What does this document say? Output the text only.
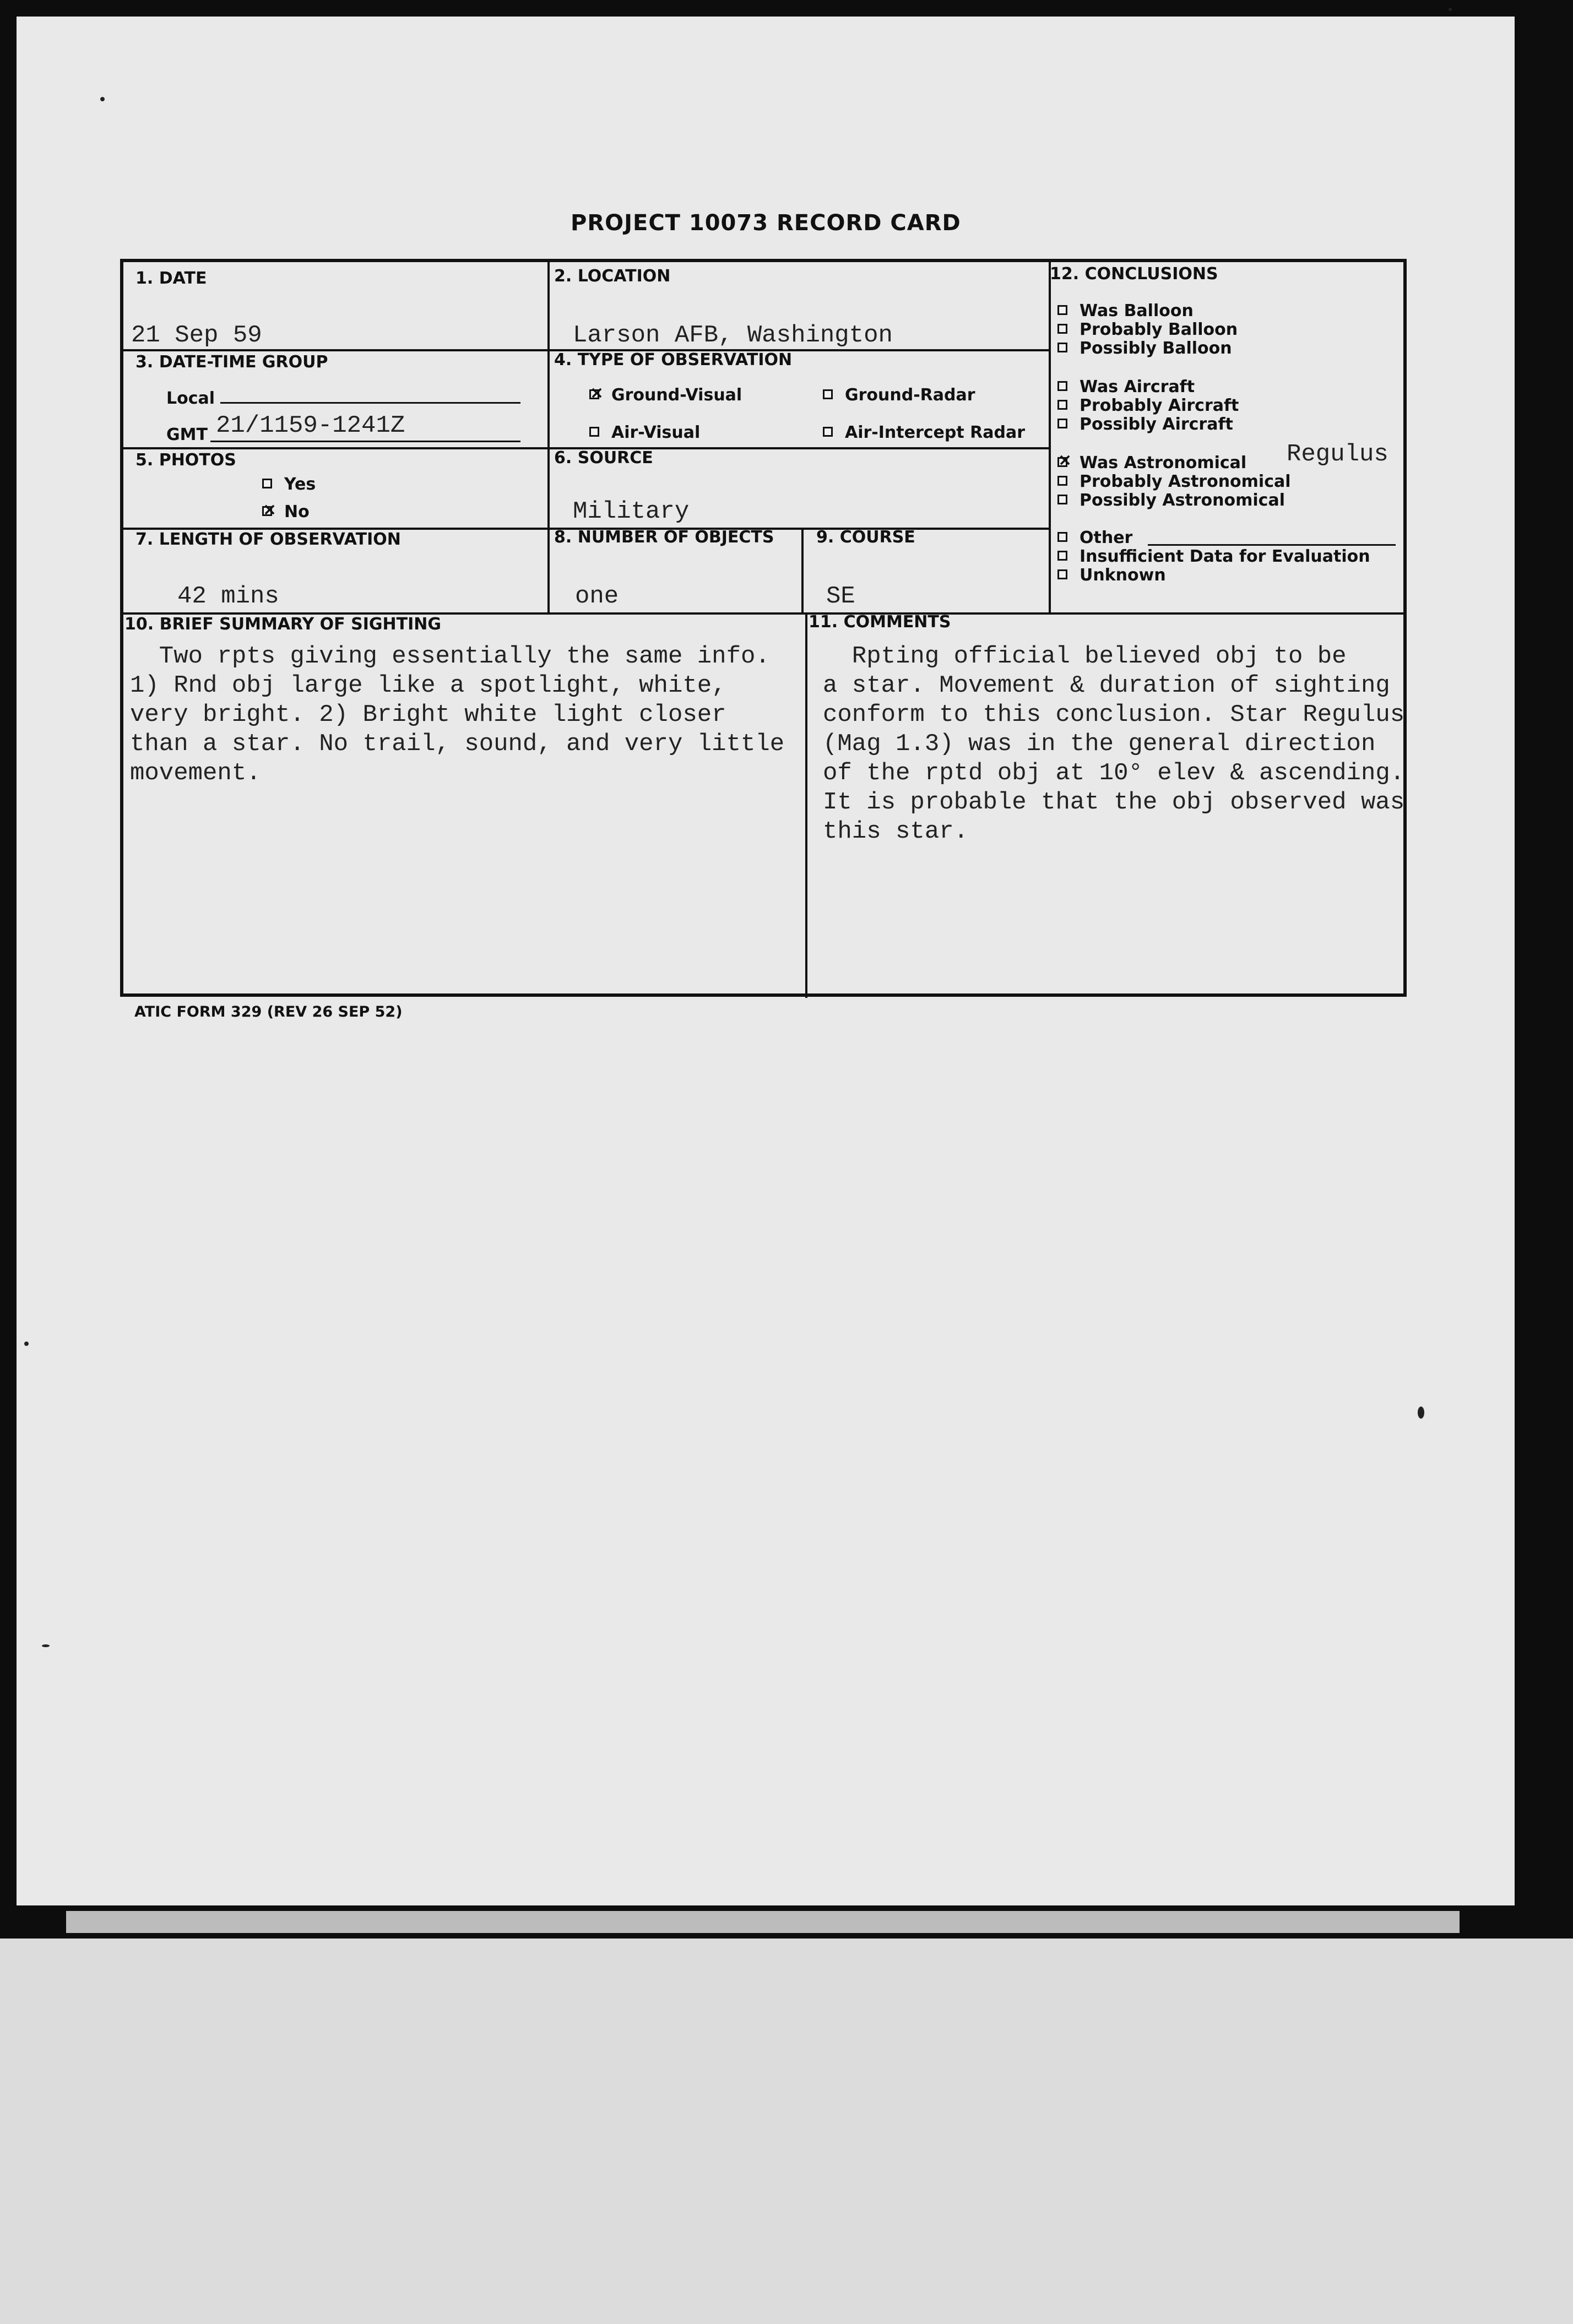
PROJECT 10073 RECORD CARD
1. DATE
21 Sep 59
2. LOCATION
Larson AFB, Washington
3. DATE-TIME GROUP
Local
GMT 21/1159-1241Z
4. TYPE OF OBSERVATION
×Ground-Visual	Ground-Radar
Air-Visual	Air-Intercept Radar
5. PHOTOS
Yes
×No
6. SOURCE
Military
7. LENGTH OF OBSERVATION
42 mins
8. NUMBER OF OBJECTS
one
9. COURSE
SE
12. CONCLUSIONS
Was Balloon
Probably Balloon
Possibly Balloon
Was Aircraft
Probably Aircraft
Possibly Aircraft
×Was Astronomical
Probably Astronomical
Possibly Astronomical
Regulus
Other
Insufficient Data for Evaluation
Unknown
10. BRIEF SUMMARY OF SIGHTING
Two rpts giving essentially the same info.
1) Rnd obj large like a spotlight, white,
very bright. 2) Bright white light closer
than a star. No trail, sound, and very little
movement.
11. COMMENTS
Rpting official believed obj to be
a star. Movement & duration of sighting
conform to this conclusion. Star Regulus
(Mag 1.3) was in the general direction
of the rptd obj at 10° elev & ascending.
It is probable that the obj observed was
this star.
ATIC FORM 329 (REV 26 SEP 52)
